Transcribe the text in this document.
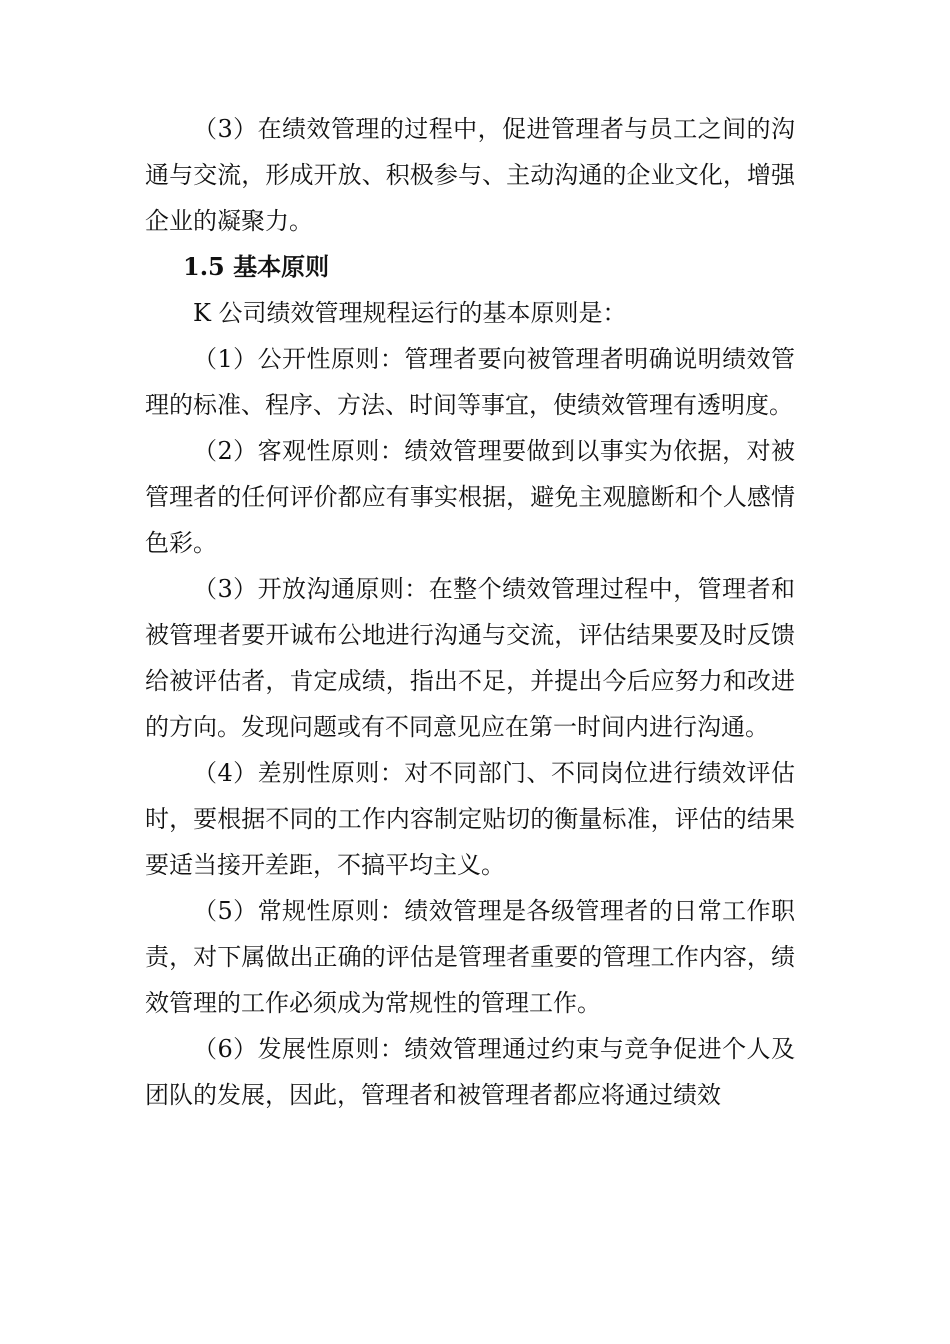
（3）在绩效管理的过程中，促进管理者与员工之间的沟通与交流，形成开放、积极参与、主动沟通的企业文化，增强企业的凝聚力。

1.5 基本原则

K 公司绩效管理规程运行的基本原则是：

（1）公开性原则：管理者要向被管理者明确说明绩效管理的标准、程序、方法、时间等事宜，使绩效管理有透明度。

（2）客观性原则：绩效管理要做到以事实为依据，对被管理者的任何评价都应有事实根据，避免主观臆断和个人感情色彩。

（3）开放沟通原则：在整个绩效管理过程中，管理者和被管理者要开诚布公地进行沟通与交流，评估结果要及时反馈给被评估者，肯定成绩，指出不足，并提出今后应努力和改进的方向。发现问题或有不同意见应在第一时间内进行沟通。

（4）差别性原则：对不同部门、不同岗位进行绩效评估时，要根据不同的工作内容制定贴切的衡量标准，评估的结果要适当接开差距，不搞平均主义。

（5）常规性原则：绩效管理是各级管理者的日常工作职责，对下属做出正确的评估是管理者重要的管理工作内容，绩效管理的工作必须成为常规性的管理工作。

（6）发展性原则：绩效管理通过约束与竞争促进个人及团队的发展，因此，管理者和被管理者都应将通过绩效
